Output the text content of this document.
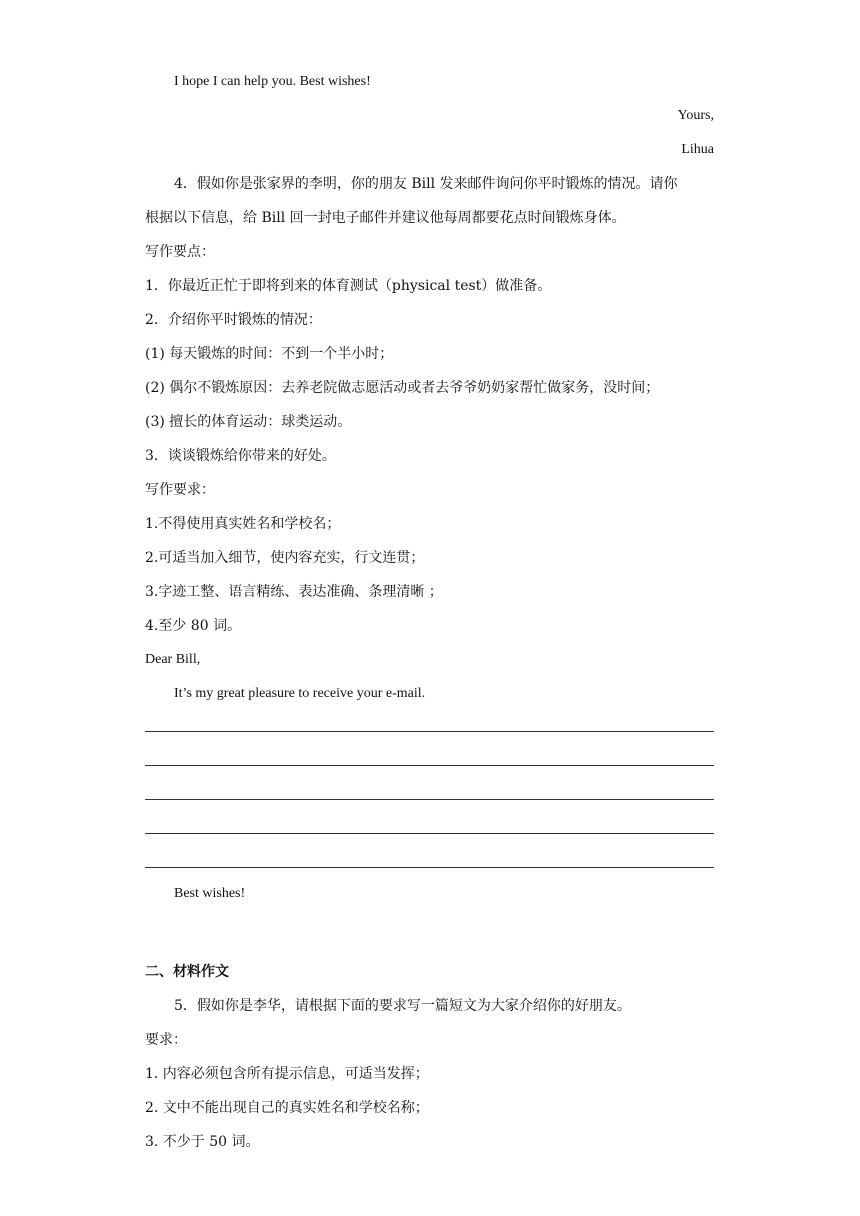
I hope I can help you. Best wishes!
Yours,
Lihua
4．假如你是张家界的李明，你的朋友 Bill 发来邮件询问你平时锻炼的情况。请你
根据以下信息，给 Bill 回一封电子邮件并建议他每周都要花点时间锻炼身体。
写作要点：
1．你最近正忙于即将到来的体育测试（physical test）做准备。
2．介绍你平时锻炼的情况：
(1) 每天锻炼的时间：不到一个半小时；
(2) 偶尔不锻炼原因：去养老院做志愿活动或者去爷爷奶奶家帮忙做家务，没时间；
(3) 擅长的体育运动：球类运动。
3．谈谈锻炼给你带来的好处。
写作要求：
1.不得使用真实姓名和学校名；
2.可适当加入细节，使内容充实，行文连贯；
3.字迹工整、语言精练、表达准确、条理清晰 ；
4.至少 80 词。
Dear Bill,
It’s my great pleasure to receive your e-mail.
Best wishes!
二、材料作文
5．假如你是李华，请根据下面的要求写一篇短文为大家介绍你的好朋友。
要求：
1. 内容必须包含所有提示信息，可适当发挥；
2. 文中不能出现自己的真实姓名和学校名称；
3. 不少于 50 词。
